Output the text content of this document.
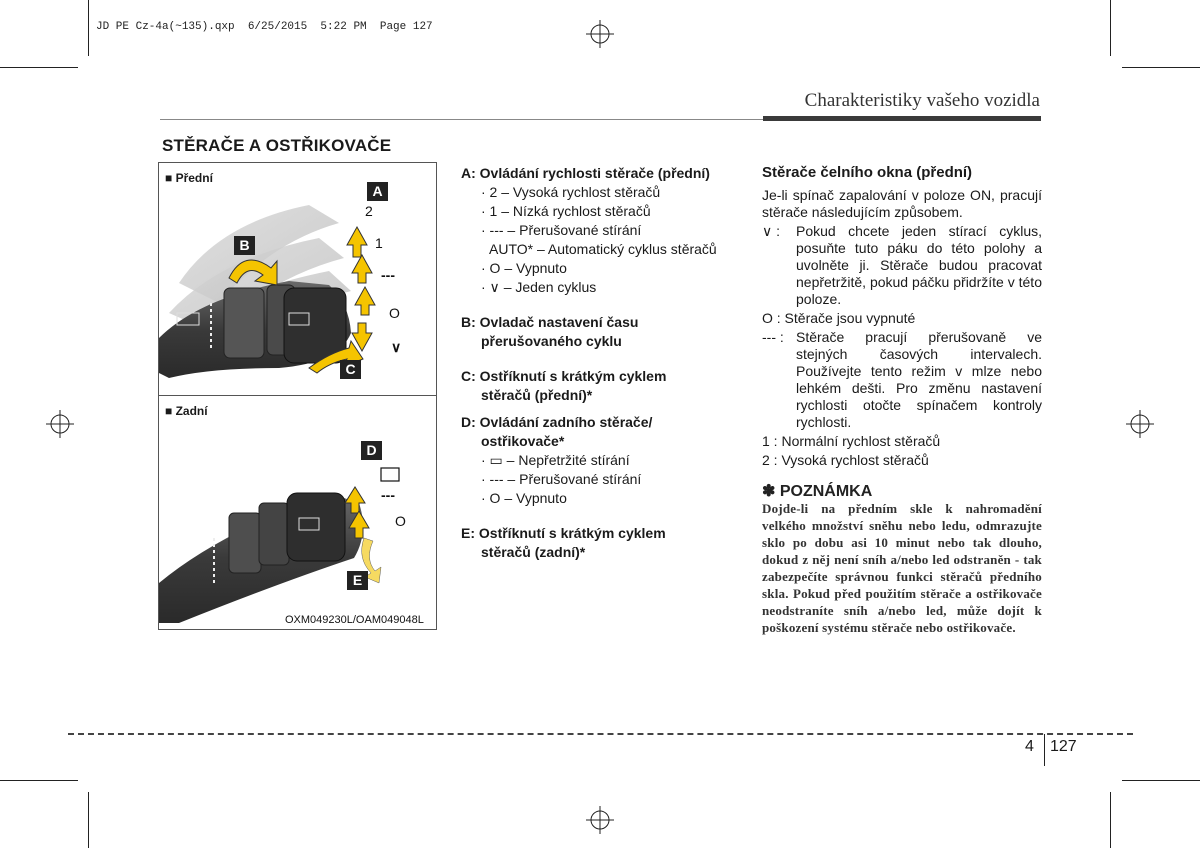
JD PE Cz-4a(~135).qxp  6/25/2015  5:22 PM  Page 127
Charakteristiky vašeho vozidla
STĚRAČE A OSTŘIKOVAČE
2
1
---
O
∨
---
O
■ Přední
■ Zadní
A
B
C
D
E
OXM049230L/OAM049048L
A: Ovládání rychlosti stěrače (přední)
· 2 – Vysoká rychlost stěračů
· 1 – Nízká rychlost stěračů
· --- – Přerušované stírání
AUTO* – Automatický cyklus stěračů
· O – Vypnuto
· ∨ – Jeden cyklus
B: Ovladač nastavení času
přerušovaného cyklu
C: Ostříknutí s krátkým cyklem
stěračů (přední)*
D: Ovládání zadního stěrače/
ostřikovače*
· ▭ – Nepřetržité stírání
· --- – Přerušované stírání
· O – Vypnuto
E: Ostříknutí s krátkým cyklem
stěračů (zadní)*
Stěrače čelního okna (přední)
Je-li spínač zapalování v poloze ON, pracují stěrače následujícím způsobem.
∨ :	Pokud chcete jeden stírací cyklus, posuňte tuto páku do této polohy a uvolněte ji. Stěrače budou pracovat nepřetržitě, pokud páčku přidržíte v této poloze.
O : Stěrače jsou vypnuté
--- : Stěrače pracují přerušovaně ve stejných časových intervalech. Používejte tento režim v mlze nebo lehkém dešti. Pro změnu nastavení rychlosti otočte spínačem kontroly rychlosti.
1 : Normální rychlost stěračů
2 : Vysoká rychlost stěračů
✽ POZNÁMKA
Dojde-li na předním skle k nahromadění velkého množství sněhu nebo ledu, odmrazujte sklo po dobu asi 10 minut nebo tak dlouho, dokud z něj není sníh a/nebo led odstraněn - tak zabezpečíte správnou funkci stěračů předního skla. Pokud před použitím stěrače a ostřikovače neodstraníte sníh a/nebo led, může dojít k poškození systému stěrače nebo ostřikovače.
4 127
